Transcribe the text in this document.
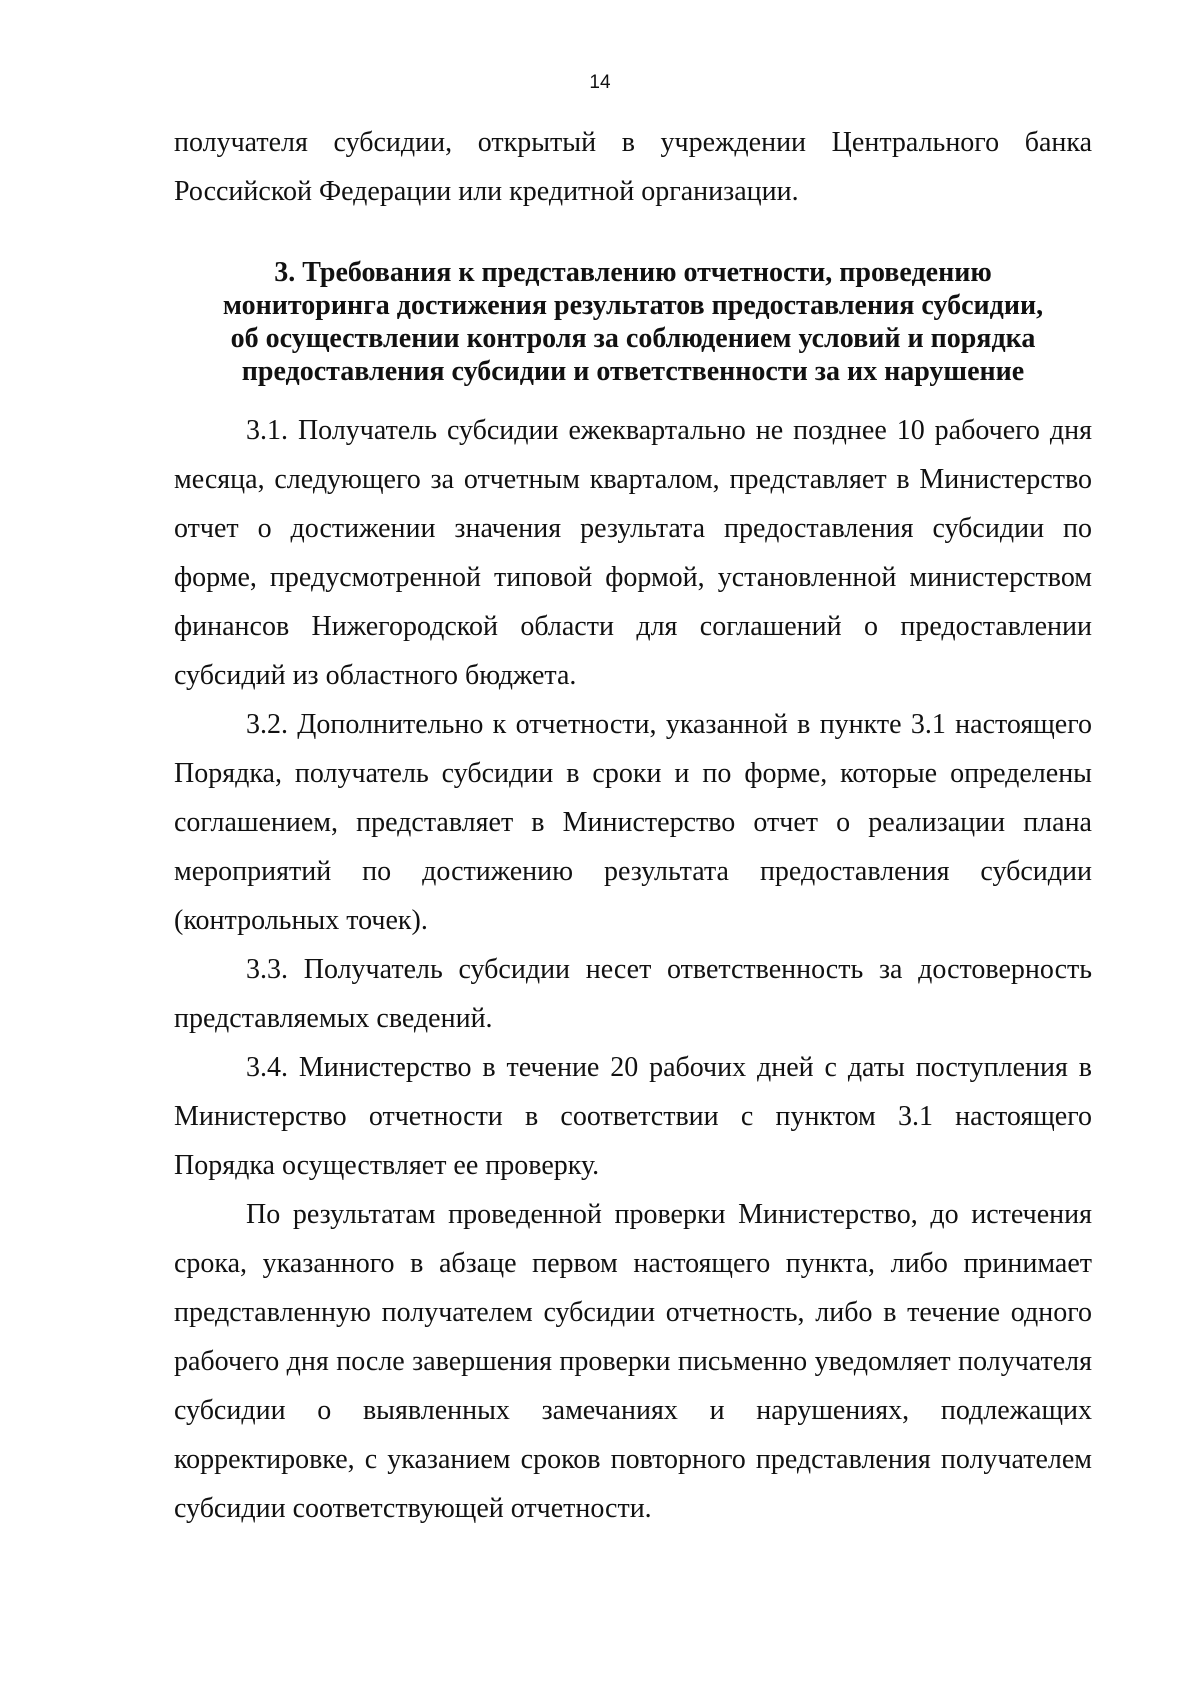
14

получателя субсидии, открытый в учреждении Центрального банка Российской Федерации или кредитной организации.

3. Требования к представлению отчетности, проведению
мониторинга достижения результатов предоставления субсидии,
об осуществлении контроля за соблюдением условий и порядка
предоставления субсидии и ответственности за их нарушение

3.1. Получатель субсидии ежеквартально не позднее 10 рабочего дня месяца, следующего за отчетным кварталом, представляет в Министерство отчет о достижении значения результата предоставления субсидии по форме, предусмотренной типовой формой, установленной министерством финансов Нижегородской области для соглашений о предоставлении субсидий из областного бюджета.

3.2. Дополнительно к отчетности, указанной в пункте 3.1 настоящего Порядка, получатель субсидии в сроки и по форме, которые определены соглашением, представляет в Министерство отчет о реализации плана мероприятий по достижению результата предоставления субсидии (контрольных точек).

3.3. Получатель субсидии несет ответственность за достоверность представляемых сведений.

3.4. Министерство в течение 20 рабочих дней с даты поступления в Министерство отчетности в соответствии с пунктом 3.1 настоящего Порядка осуществляет ее проверку.

По результатам проведенной проверки Министерство, до истечения срока, указанного в абзаце первом настоящего пункта, либо принимает представленную получателем субсидии отчетность, либо в течение одного рабочего дня после завершения проверки письменно уведомляет получателя субсидии о выявленных замечаниях и нарушениях, подлежащих корректировке, с указанием сроков повторного представления получателем субсидии соответствующей отчетности.
